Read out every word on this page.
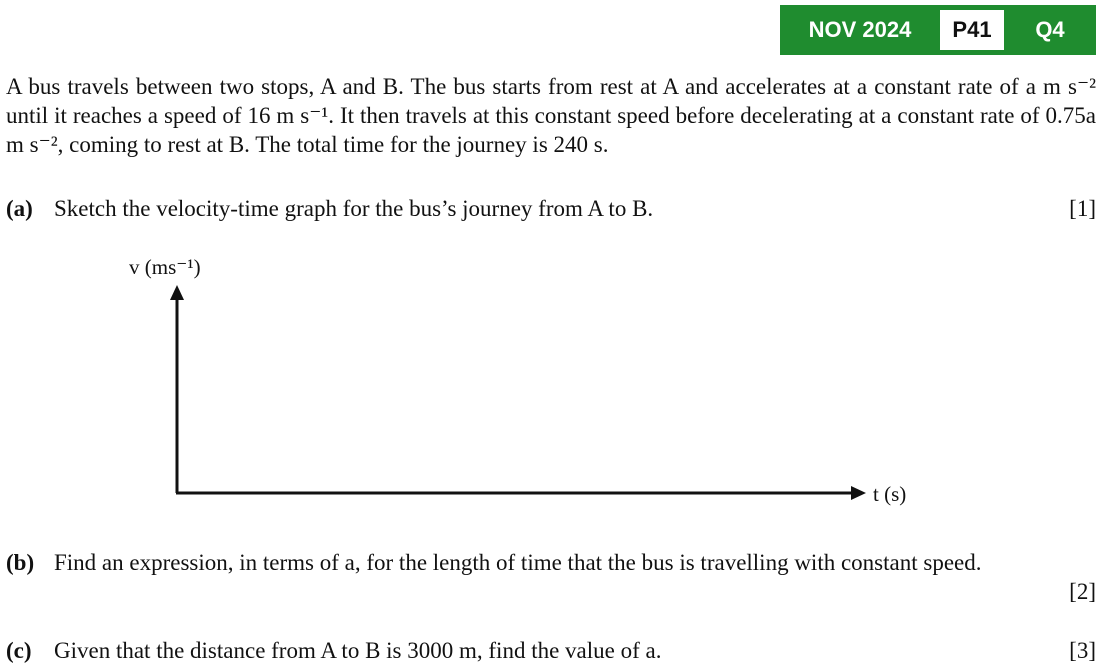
NOV 2024	P41	Q4
A bus travels between two stops, A and B. The bus starts from rest at A and accelerates at a constant rate of a m s⁻² until it reaches a speed of 16 m s⁻¹. It then travels at this constant speed before decelerating at a constant rate of 0.75a m s⁻², coming to rest at B. The total time for the journey is 240 s.
(a) Sketch the velocity-time graph for the bus’s journey from A to B.	[1]
v (ms⁻¹)
t (s)
(b) Find an expression, in terms of a, for the length of time that the bus is travelling with constant speed.
[2]
(c) Given that the distance from A to B is 3000 m, find the value of a.	[3]
